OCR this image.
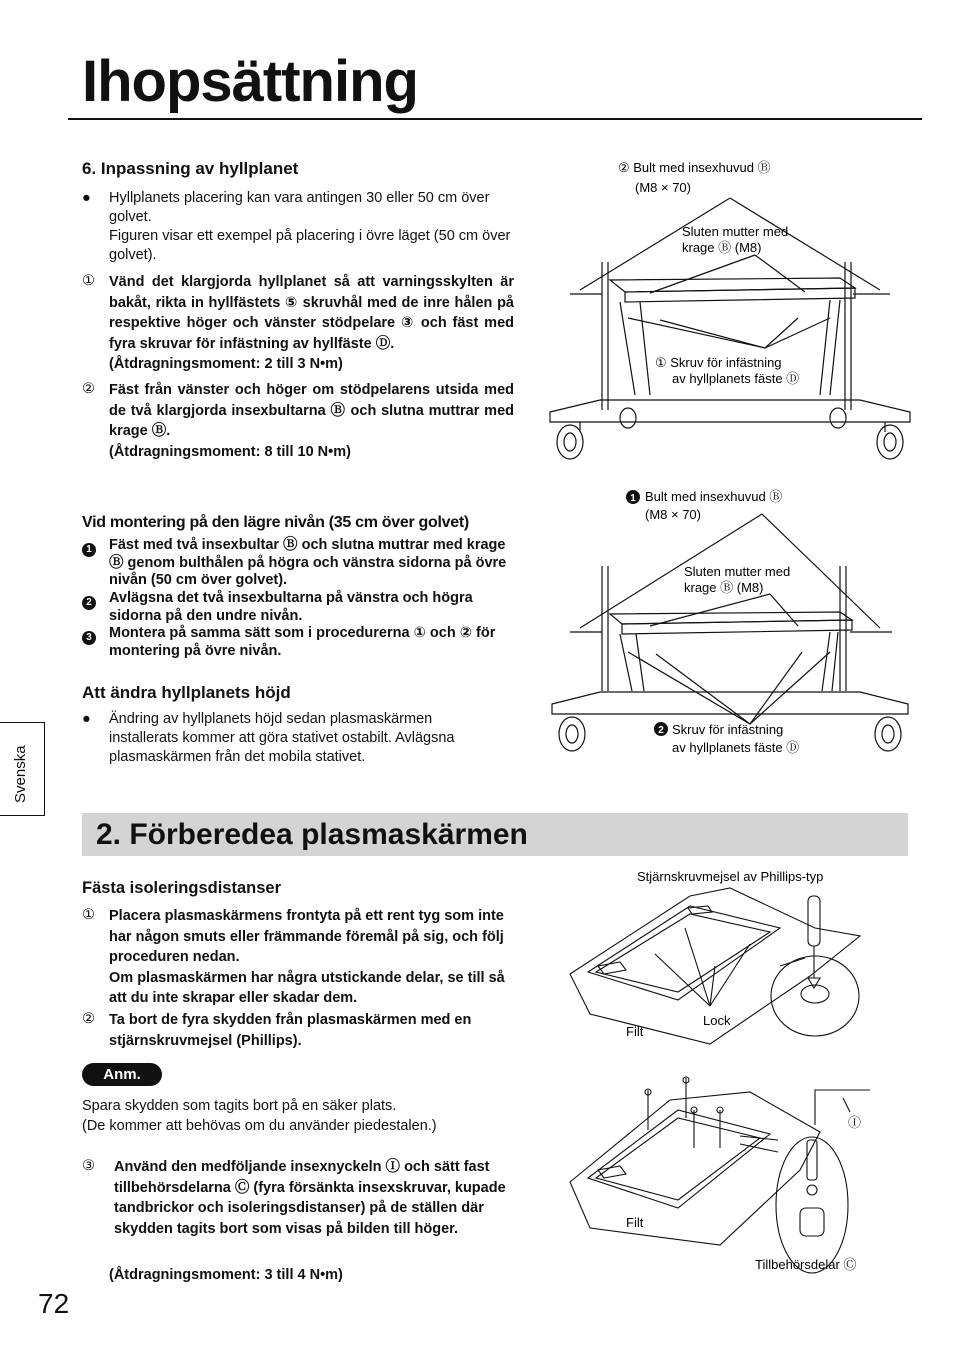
Ihopsättning
6. Inpassning av hyllplanet
●	Hyllplanets placering kan vara antingen 30 eller 50 cm över golvet.
Figuren visar ett exempel på placering i övre läget (50 cm över golvet).
① Vänd det klargjorda hyllplanet så att varningsskylten är bakåt, rikta in hyllfästets ⑤ skruvhål med de inre hålen på respektive höger och vänster stödpelare ③ och fäst med fyra skruvar för infästning av hyllfäste Ⓓ.
(Åtdragningsmoment: 2 till 3 N•m)
② Fäst från vänster och höger om stödpelarens utsida med de två klargjorda insexbultarna Ⓑ och slutna muttrar med krage Ⓑ.
(Åtdragningsmoment: 8 till 10 N•m)
② Bult med insexhuvud Ⓑ
(M8 × 70)
Sluten mutter med
krage Ⓑ (M8)
① Skruv för infästning
av hyllplanets fäste Ⓓ
Vid montering på den lägre nivån (35 cm över golvet)
1	Fäst med två insexbultar Ⓑ och slutna muttrar med krage Ⓑ genom bulthålen på högra och vänstra sidorna på övre nivån (50 cm över golvet).
2	Avlägsna det två insexbultarna på vänstra och högra sidorna på den undre nivån.
3	Montera på samma sätt som i procedurerna ① och ② för montering på övre nivån.
Att ändra hyllplanets höjd
●	Ändring av hyllplanets höjd sedan plasmaskärmen installerats kommer att göra stativet ostabilt. Avlägsna plasmaskärmen från det mobila stativet.
1 Bult med insexhuvud Ⓑ
(M8 × 70)
Sluten mutter med
krage Ⓑ (M8)
2 Skruv för infästning
av hyllplanets fäste Ⓓ
Svenska
2. Förberedea plasmaskärmen
Fästa isoleringsdistanser
① Placera plasmaskärmens frontyta på ett rent tyg som inte har någon smuts eller främmande föremål på sig, och följ proceduren nedan.
Om plasmaskärmen har några utstickande delar, se till så att du inte skrapar eller skadar dem.
② Ta bort de fyra skydden från plasmaskärmen med en stjärnskruvmejsel (Phillips).
Anm.
Spara skydden som tagits bort på en säker plats.
(De kommer att behövas om du använder piedestalen.)
③	Använd den medföljande insexnyckeln Ⓘ och sätt fast tillbehörsdelarna Ⓒ (fyra försänkta insexskruvar, kupade tandbrickor och isoleringsdistanser) på de ställen där skydden tagits bort som visas på bilden till höger.
(Åtdragningsmoment: 3 till 4 N•m)
Stjärnskruvmejsel av Phillips-typ
Lock
Filt
Ⓘ
Filt
Tillbehörsdelar Ⓒ
72
